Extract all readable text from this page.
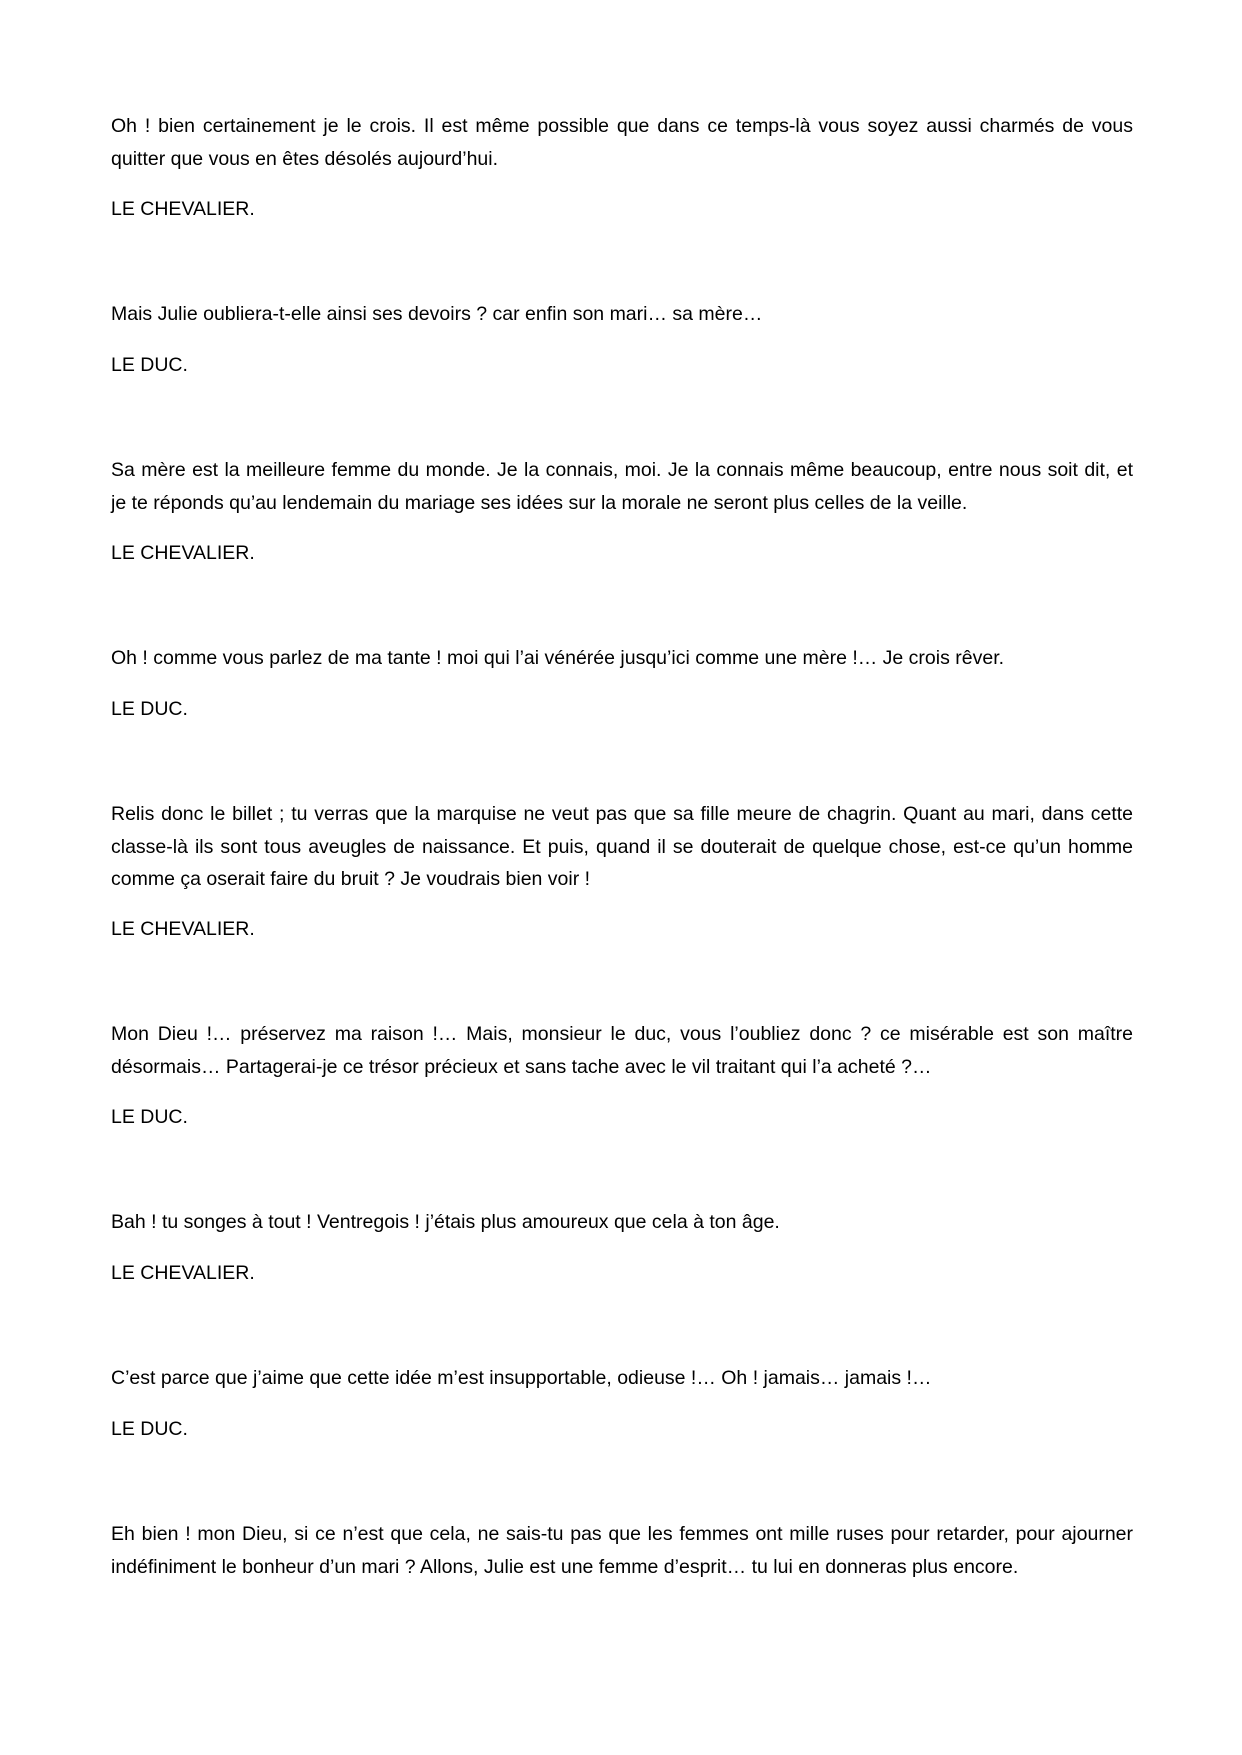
Oh ! bien certainement je le crois. Il est même possible que dans ce temps-là vous soyez aussi charmés de vous quitter que vous en êtes désolés aujourd’hui.

LE CHEVALIER.

Mais Julie oubliera-t-elle ainsi ses devoirs ? car enfin son mari… sa mère…

LE DUC.

Sa mère est la meilleure femme du monde. Je la connais, moi. Je la connais même beaucoup, entre nous soit dit, et je te réponds qu’au lendemain du mariage ses idées sur la morale ne seront plus celles de la veille.

LE CHEVALIER.

Oh ! comme vous parlez de ma tante ! moi qui l’ai vénérée jusqu’ici comme une mère !… Je crois rêver.

LE DUC.

Relis donc le billet ; tu verras que la marquise ne veut pas que sa fille meure de chagrin. Quant au mari, dans cette classe-là ils sont tous aveugles de naissance. Et puis, quand il se douterait de quelque chose, est-ce qu’un homme comme ça oserait faire du bruit ? Je voudrais bien voir !

LE CHEVALIER.

Mon Dieu !… préservez ma raison !… Mais, monsieur le duc, vous l’oubliez donc ? ce misérable est son maître désormais… Partagerai-je ce trésor précieux et sans tache avec le vil traitant qui l’a acheté ?…

LE DUC.

Bah ! tu songes à tout ! Ventregois ! j’étais plus amoureux que cela à ton âge.

LE CHEVALIER.

C’est parce que j’aime que cette idée m’est insupportable, odieuse !… Oh ! jamais… jamais !…

LE DUC.

Eh bien ! mon Dieu, si ce n’est que cela, ne sais-tu pas que les femmes ont mille ruses pour retarder, pour ajourner indéfiniment le bonheur d’un mari ? Allons, Julie est une femme d’esprit… tu lui en donneras plus encore.
